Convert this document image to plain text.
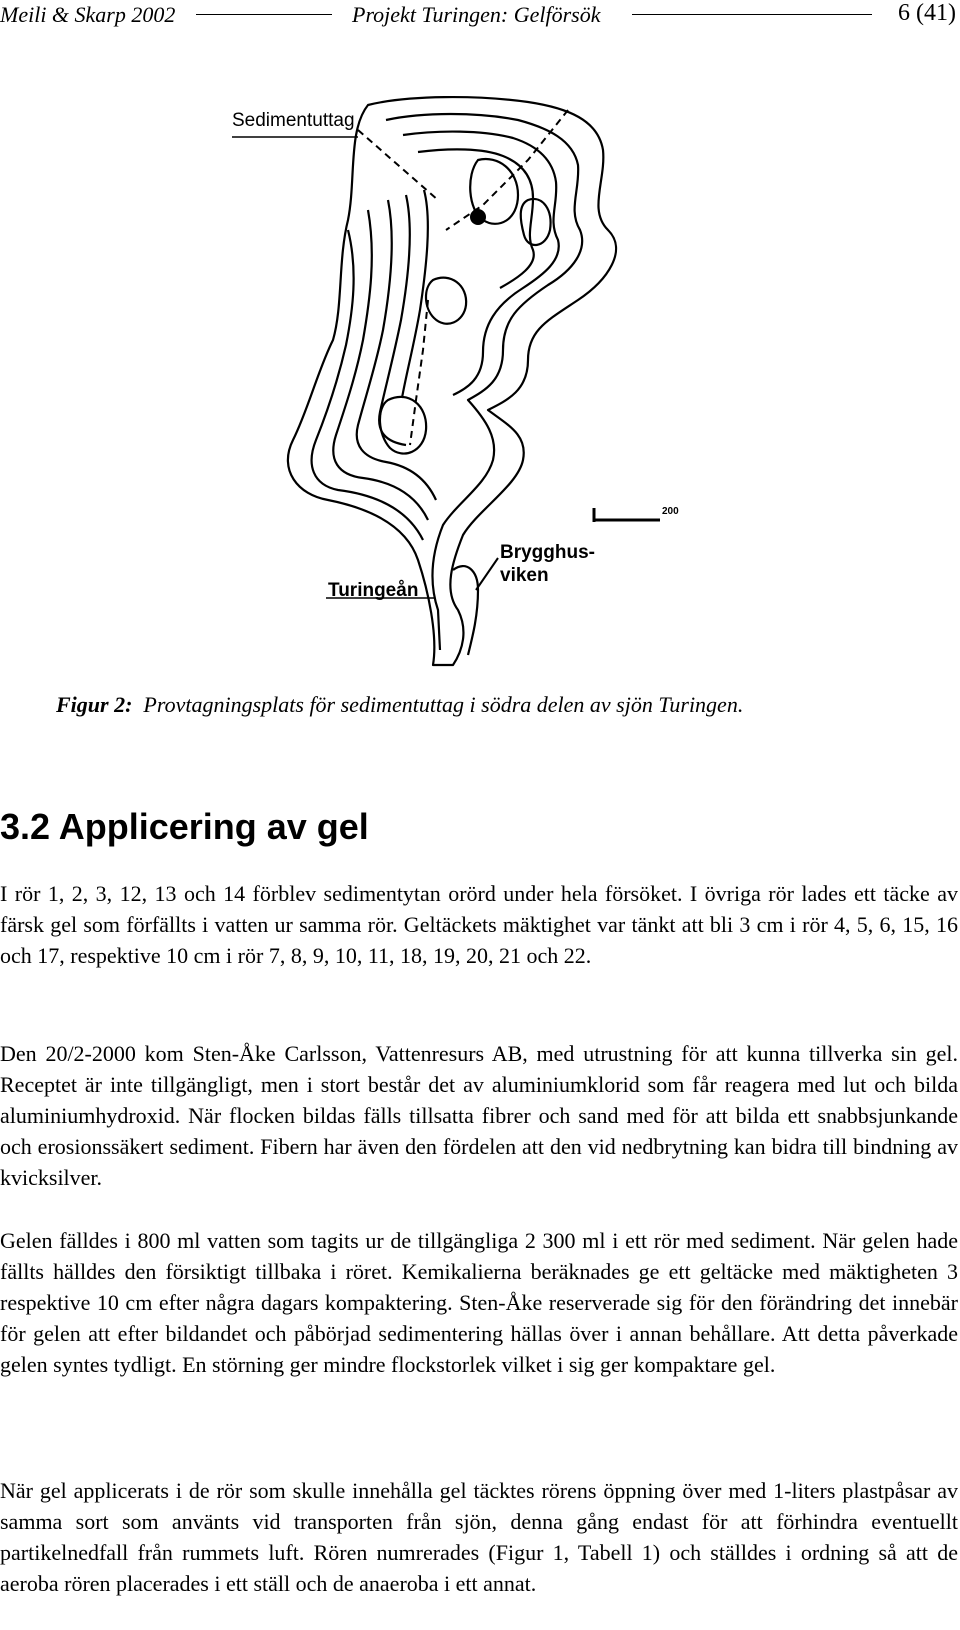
Meili & Skarp 2002	Projekt Turingen: Gelförsök	6 (41)
Sedimentuttag
200
Brygghus-
viken
Turingeån
Figur 2: Provtagningsplats för sedimentuttag i södra delen av sjön Turingen.
3.2 Applicering av gel

I rör 1, 2, 3, 12, 13 och 14 förblev sedimentytan orörd under hela försöket. I övriga rör lades ett täcke av färsk gel som förfällts i vatten ur samma rör. Geltäckets mäktighet var tänkt att bli 3 cm i rör 4, 5, 6, 15, 16 och 17, respektive 10 cm i rör 7, 8, 9, 10, 11, 18, 19, 20, 21 och 22.

Den 20/2-2000 kom Sten-Åke Carlsson, Vattenresurs AB, med utrustning för att kunna tillverka sin gel. Receptet är inte tillgängligt, men i stort består det av aluminiumklorid som får reagera med lut och bilda aluminiumhydroxid. När flocken bildas fälls tillsatta fibrer och sand med för att bilda ett snabbsjunkande och erosionssäkert sediment. Fibern har även den fördelen att den vid nedbrytning kan bidra till bindning av kvicksilver.

Gelen fälldes i 800 ml vatten som tagits ur de tillgängliga 2 300 ml i ett rör med sediment. När gelen hade fällts hälldes den försiktigt tillbaka i röret. Kemikalierna beräknades ge ett geltäcke med mäktigheten 3 respektive 10 cm efter några dagars kompaktering. Sten-Åke reserverade sig för den förändring det innebär för gelen att efter bildandet och påbörjad sedimentering hällas över i annan behållare. Att detta påverkade gelen syntes tydligt. En störning ger mindre flockstorlek vilket i sig ger kompaktare gel.

När gel applicerats i de rör som skulle innehålla gel täcktes rörens öppning över med 1-liters plastpåsar av samma sort som använts vid transporten från sjön, denna gång endast för att förhindra eventuellt partikelnedfall från rummets luft. Rören numrerades (Figur 1, Tabell 1) och ställdes i ordning så att de aeroba rören placerades i ett ställ och de anaeroba i ett annat.
